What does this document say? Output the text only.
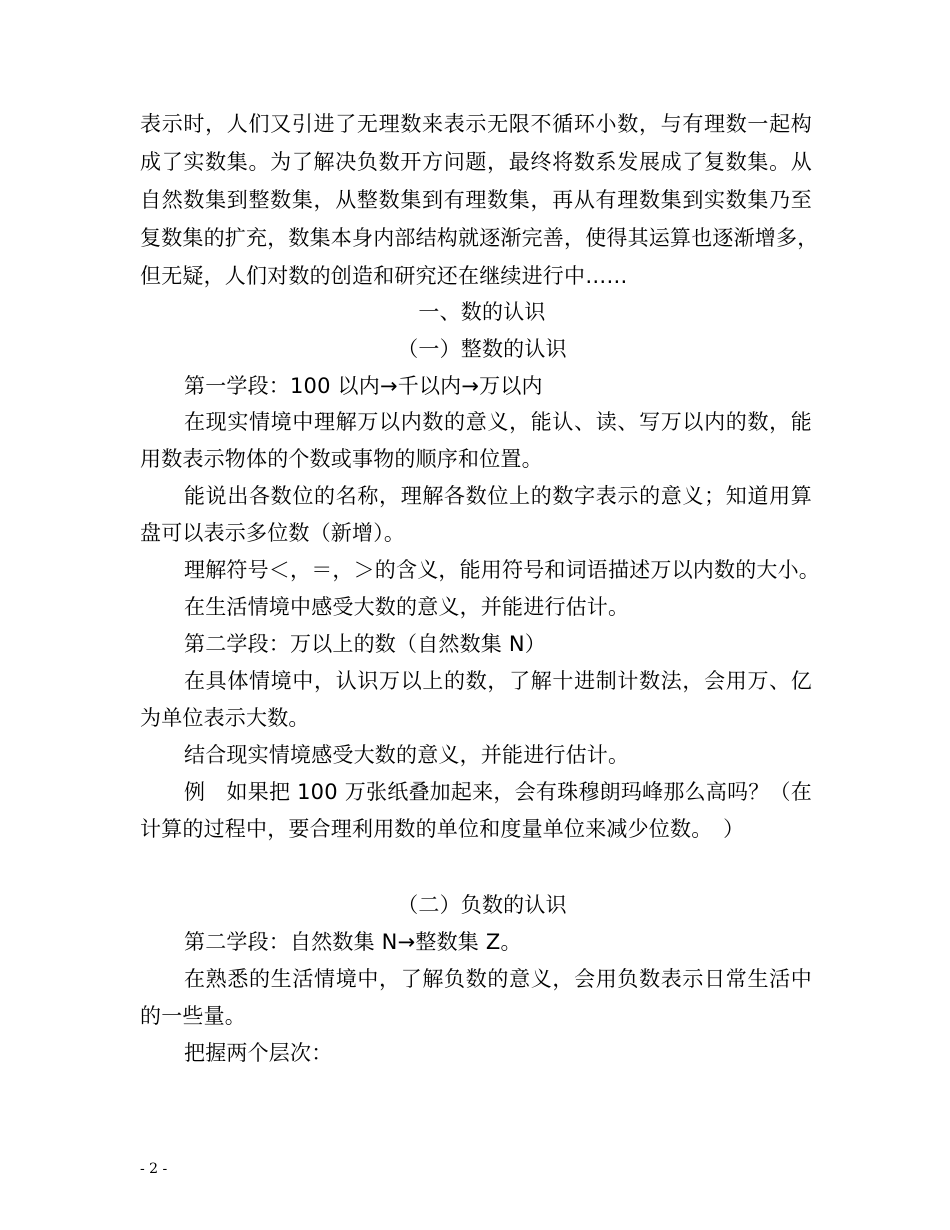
表示时，人们又引进了无理数来表示无限不循环小数，与有理数一起构
成了实数集。为了解决负数开方问题，最终将数系发展成了复数集。从
自然数集到整数集，从整数集到有理数集，再从有理数集到实数集乃至
复数集的扩充，数集本身内部结构就逐渐完善，使得其运算也逐渐增多，
但无疑，人们对数的创造和研究还在继续进行中……
一、数的认识
（一）整数的认识
第一学段：100 以内→千以内→万以内
在现实情境中理解万以内数的意义，能认、读、写万以内的数，能
用数表示物体的个数或事物的顺序和位置。
能说出各数位的名称，理解各数位上的数字表示的意义；知道用算
盘可以表示多位数（新增）。
理解符号＜，＝，＞的含义，能用符号和词语描述万以内数的大小。
在生活情境中感受大数的意义，并能进行估计。
第二学段：万以上的数（自然数集 N）
在具体情境中，认识万以上的数，了解十进制计数法，会用万、亿
为单位表示大数。
结合现实情境感受大数的意义，并能进行估计。
例　如果把 100 万张纸叠加起来，会有珠穆朗玛峰那么高吗？（在
计算的过程中，要合理利用数的单位和度量单位来减少位数。　）
（二）负数的认识
第二学段：自然数集 N→整数集 Z。
在熟悉的生活情境中，了解负数的意义，会用负数表示日常生活中
的一些量。
把握两个层次：
- 2 -
